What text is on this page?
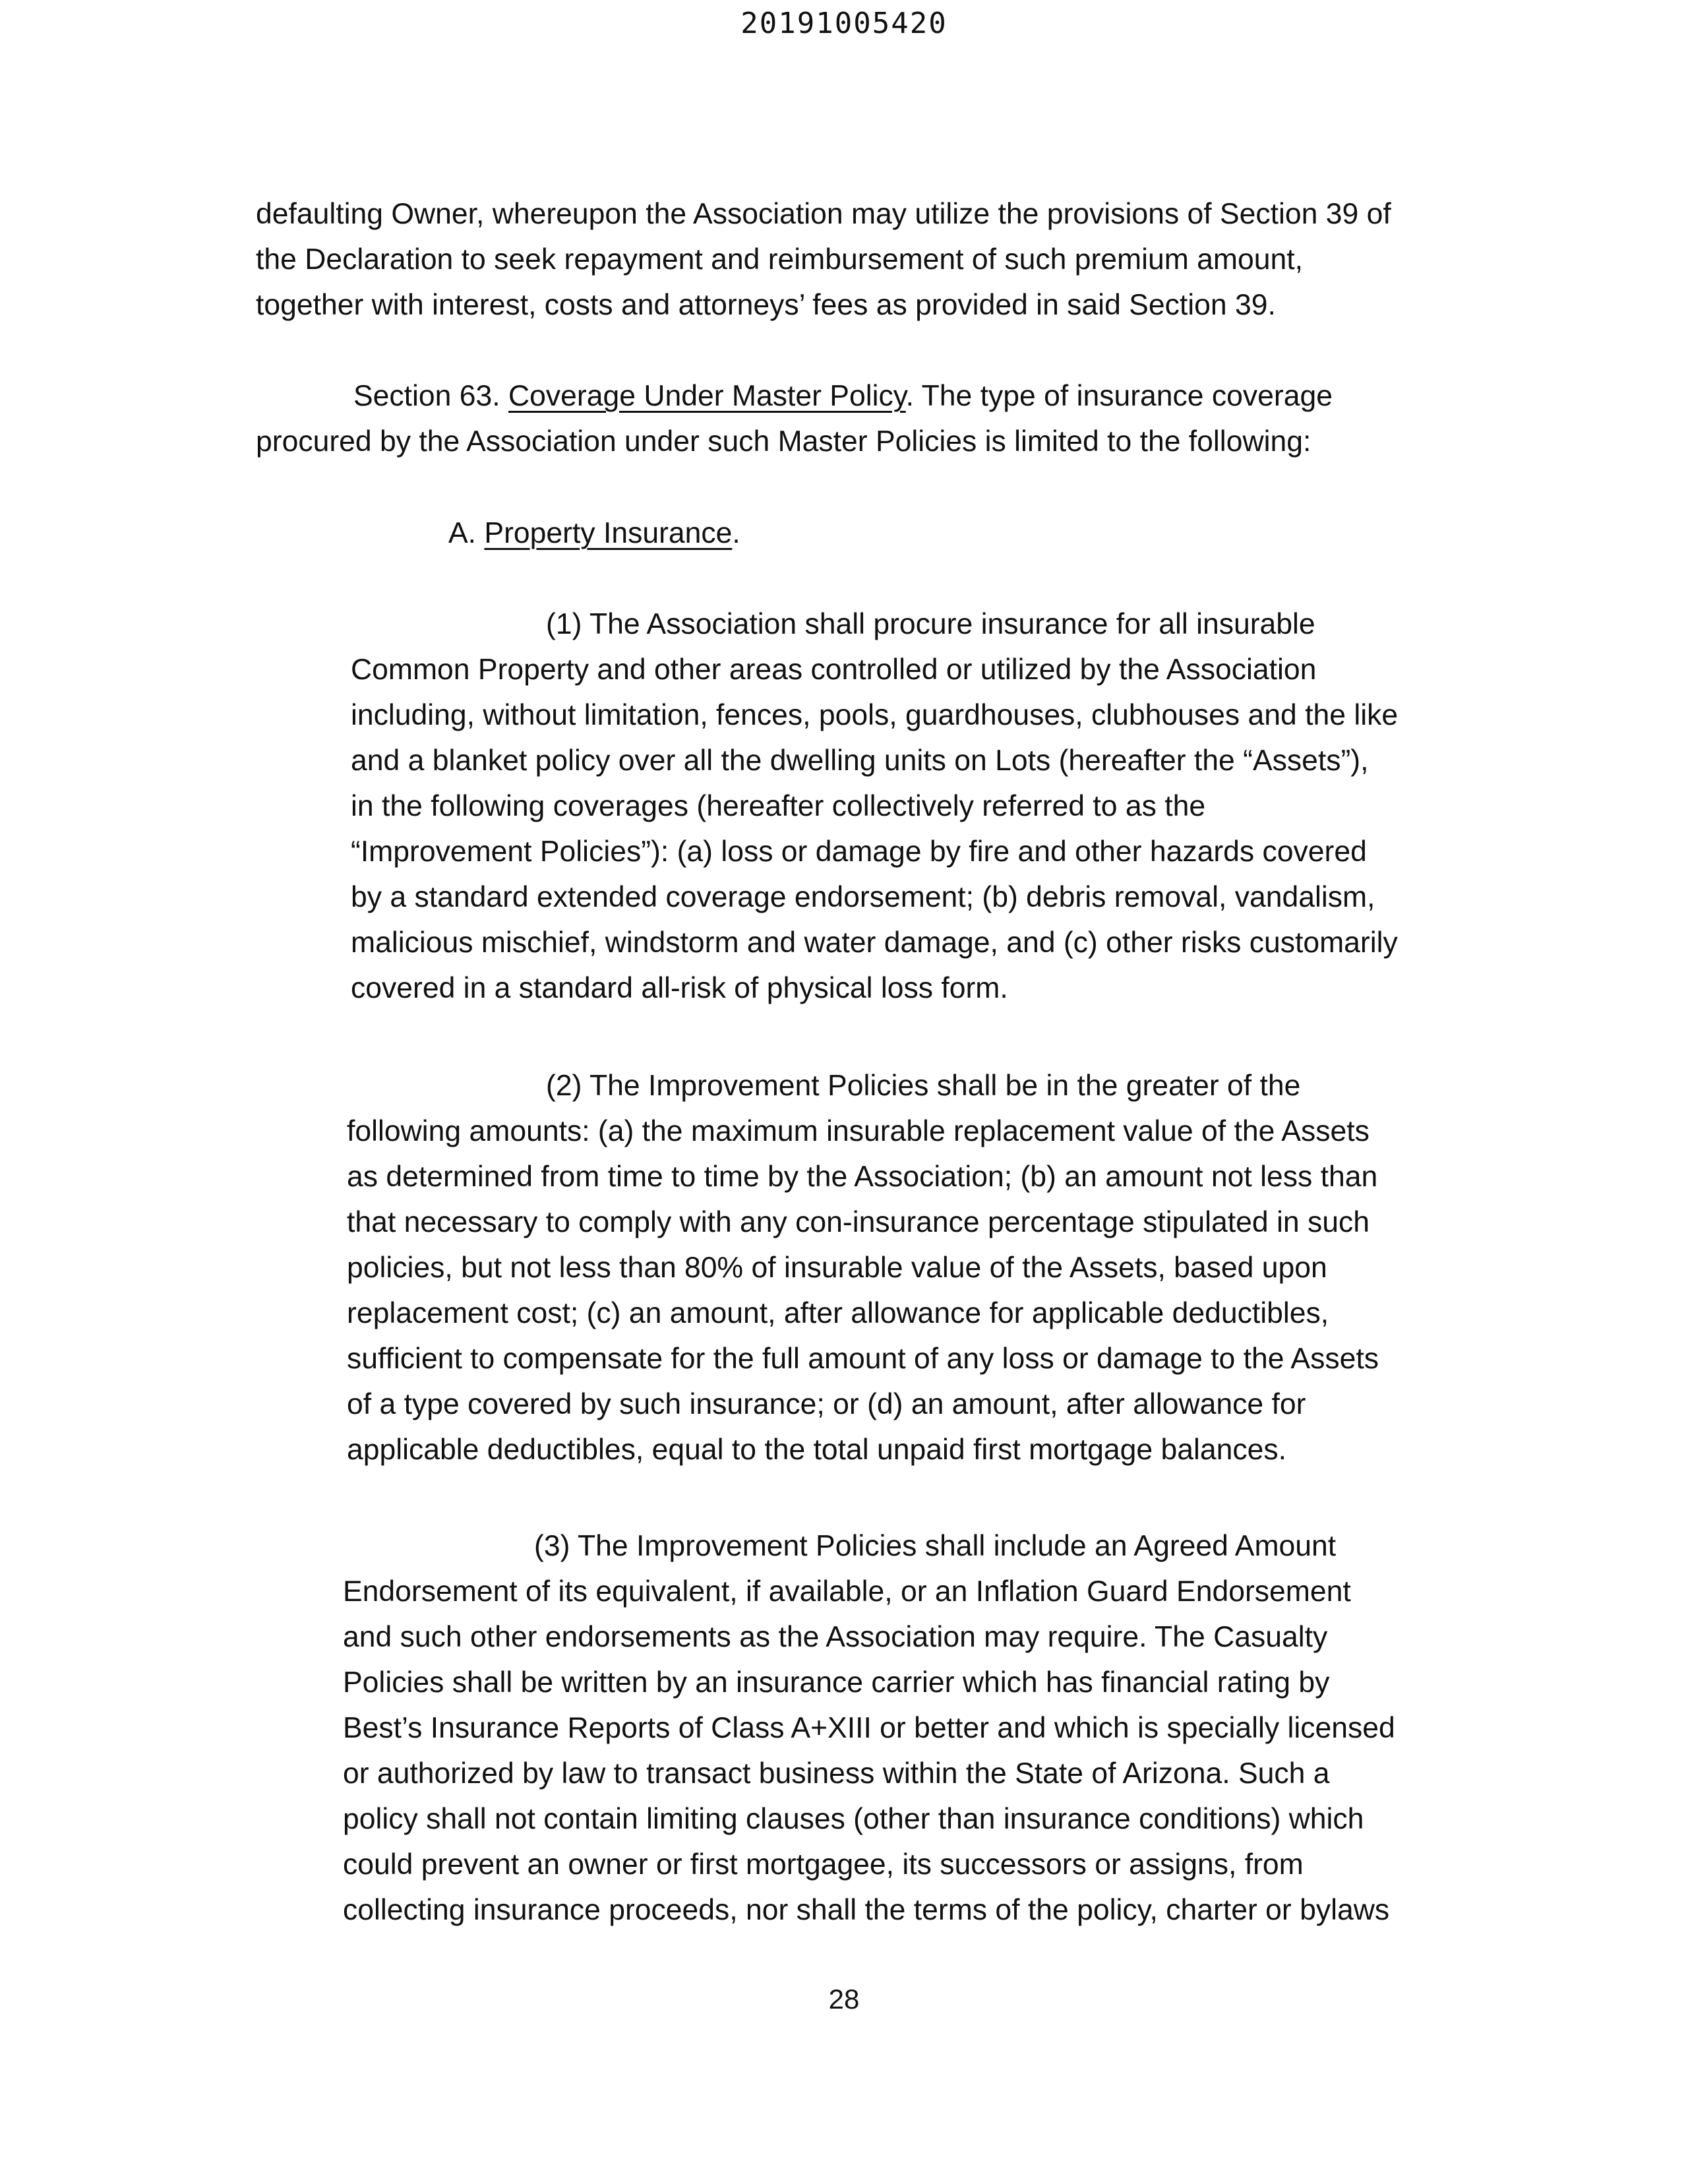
20191005420
defaulting Owner, whereupon the Association may utilize the provisions of Section 39 of
the Declaration to seek repayment and reimbursement of such premium amount,
together with interest, costs and attorneys’ fees as provided in said Section 39.
Section 63. Coverage Under Master Policy. The type of insurance coverage
procured by the Association under such Master Policies is limited to the following:
A. Property Insurance.
(1) The Association shall procure insurance for all insurable
Common Property and other areas controlled or utilized by the Association
including, without limitation, fences, pools, guardhouses, clubhouses and the like
and a blanket policy over all the dwelling units on Lots (hereafter the “Assets”),
in the following coverages (hereafter collectively referred to as the
“Improvement Policies”): (a) loss or damage by fire and other hazards covered
by a standard extended coverage endorsement; (b) debris removal, vandalism,
malicious mischief, windstorm and water damage, and (c) other risks customarily
covered in a standard all-risk of physical loss form.
(2) The Improvement Policies shall be in the greater of the
following amounts: (a) the maximum insurable replacement value of the Assets
as determined from time to time by the Association; (b) an amount not less than
that necessary to comply with any con-insurance percentage stipulated in such
policies, but not less than 80% of insurable value of the Assets, based upon
replacement cost; (c) an amount, after allowance for applicable deductibles,
sufficient to compensate for the full amount of any loss or damage to the Assets
of a type covered by such insurance; or (d) an amount, after allowance for
applicable deductibles, equal to the total unpaid first mortgage balances.
(3) The Improvement Policies shall include an Agreed Amount
Endorsement of its equivalent, if available, or an Inflation Guard Endorsement
and such other endorsements as the Association may require. The Casualty
Policies shall be written by an insurance carrier which has financial rating by
Best’s Insurance Reports of Class A+XIII or better and which is specially licensed
or authorized by law to transact business within the State of Arizona. Such a
policy shall not contain limiting clauses (other than insurance conditions) which
could prevent an owner or first mortgagee, its successors or assigns, from
collecting insurance proceeds, nor shall the terms of the policy, charter or bylaws
28
